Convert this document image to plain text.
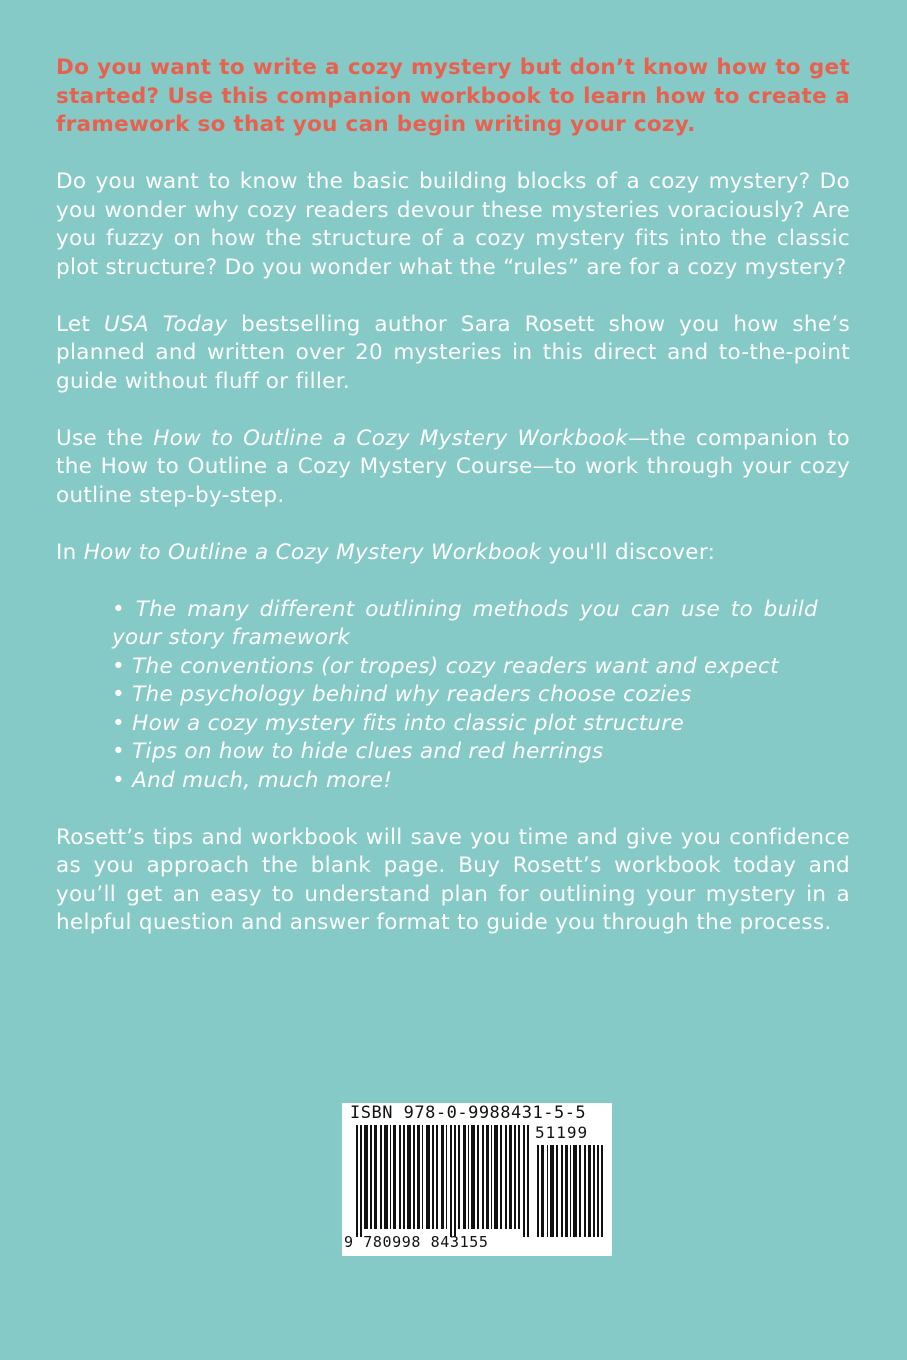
Do you want to write a cozy mystery but don’t know how to get started? Use this companion workbook to learn how to create a framework so that you can begin writing your cozy.

Do you want to know the basic building blocks of a cozy mystery? Do you wonder why cozy readers devour these mysteries voraciously? Are you fuzzy on how the structure of a cozy mystery fits into the classic plot structure? Do you wonder what the “rules” are for a cozy mystery?

Let USA Today bestselling author Sara Rosett show you how she’s planned and written over 20 mysteries in this direct and to-the-point guide without fluff or filler.

Use the How to Outline a Cozy Mystery Workbook—the companion to the How to Outline a Cozy Mystery Course—to work through your cozy outline step-by-step.

In How to Outline a Cozy Mystery Workbook you'll discover:

• The many different outlining methods you can use to build your story framework
• The conventions (or tropes) cozy readers want and expect
• The psychology behind why readers choose cozies
• How a cozy mystery fits into classic plot structure
• Tips on how to hide clues and red herrings
• And much, much more!

Rosett’s tips and workbook will save you time and give you confidence as you approach the blank page. Buy Rosett’s workbook today and you’ll get an easy to understand plan for outlining your mystery in a helpful question and answer format to guide you through the process.

ISBN 978-0-9988431-5-5
51199
9 780998 843155
